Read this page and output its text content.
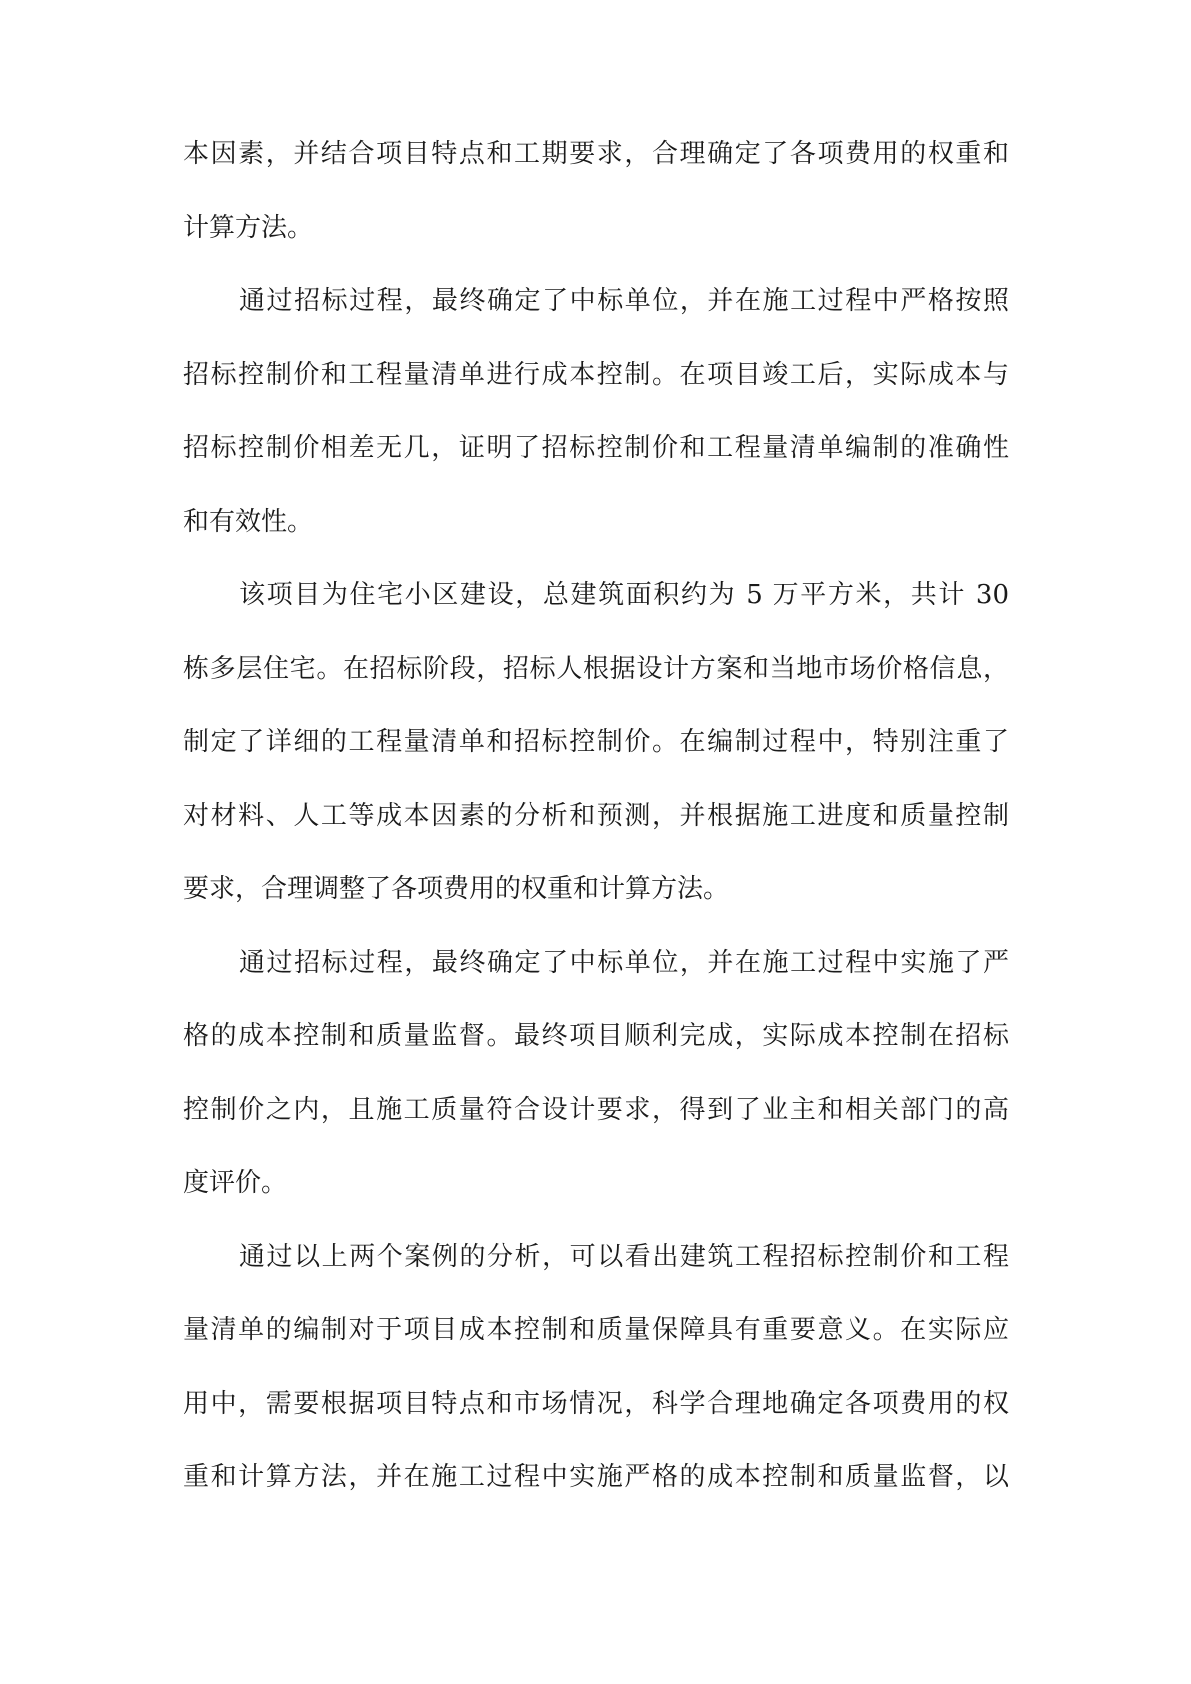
本因素，并结合项目特点和工期要求，合理确定了各项费用的权重和
计算方法。
通过招标过程，最终确定了中标单位，并在施工过程中严格按照
招标控制价和工程量清单进行成本控制。在项目竣工后，实际成本与
招标控制价相差无几，证明了招标控制价和工程量清单编制的准确性
和有效性。
该项目为住宅小区建设，总建筑面积约为 5 万平方米，共计 30
栋多层住宅。在招标阶段，招标人根据设计方案和当地市场价格信息，
制定了详细的工程量清单和招标控制价。在编制过程中，特别注重了
对材料、人工等成本因素的分析和预测，并根据施工进度和质量控制
要求，合理调整了各项费用的权重和计算方法。
通过招标过程，最终确定了中标单位，并在施工过程中实施了严
格的成本控制和质量监督。最终项目顺利完成，实际成本控制在招标
控制价之内，且施工质量符合设计要求，得到了业主和相关部门的高
度评价。
通过以上两个案例的分析，可以看出建筑工程招标控制价和工程
量清单的编制对于项目成本控制和质量保障具有重要意义。在实际应
用中，需要根据项目特点和市场情况，科学合理地确定各项费用的权
重和计算方法，并在施工过程中实施严格的成本控制和质量监督，以
